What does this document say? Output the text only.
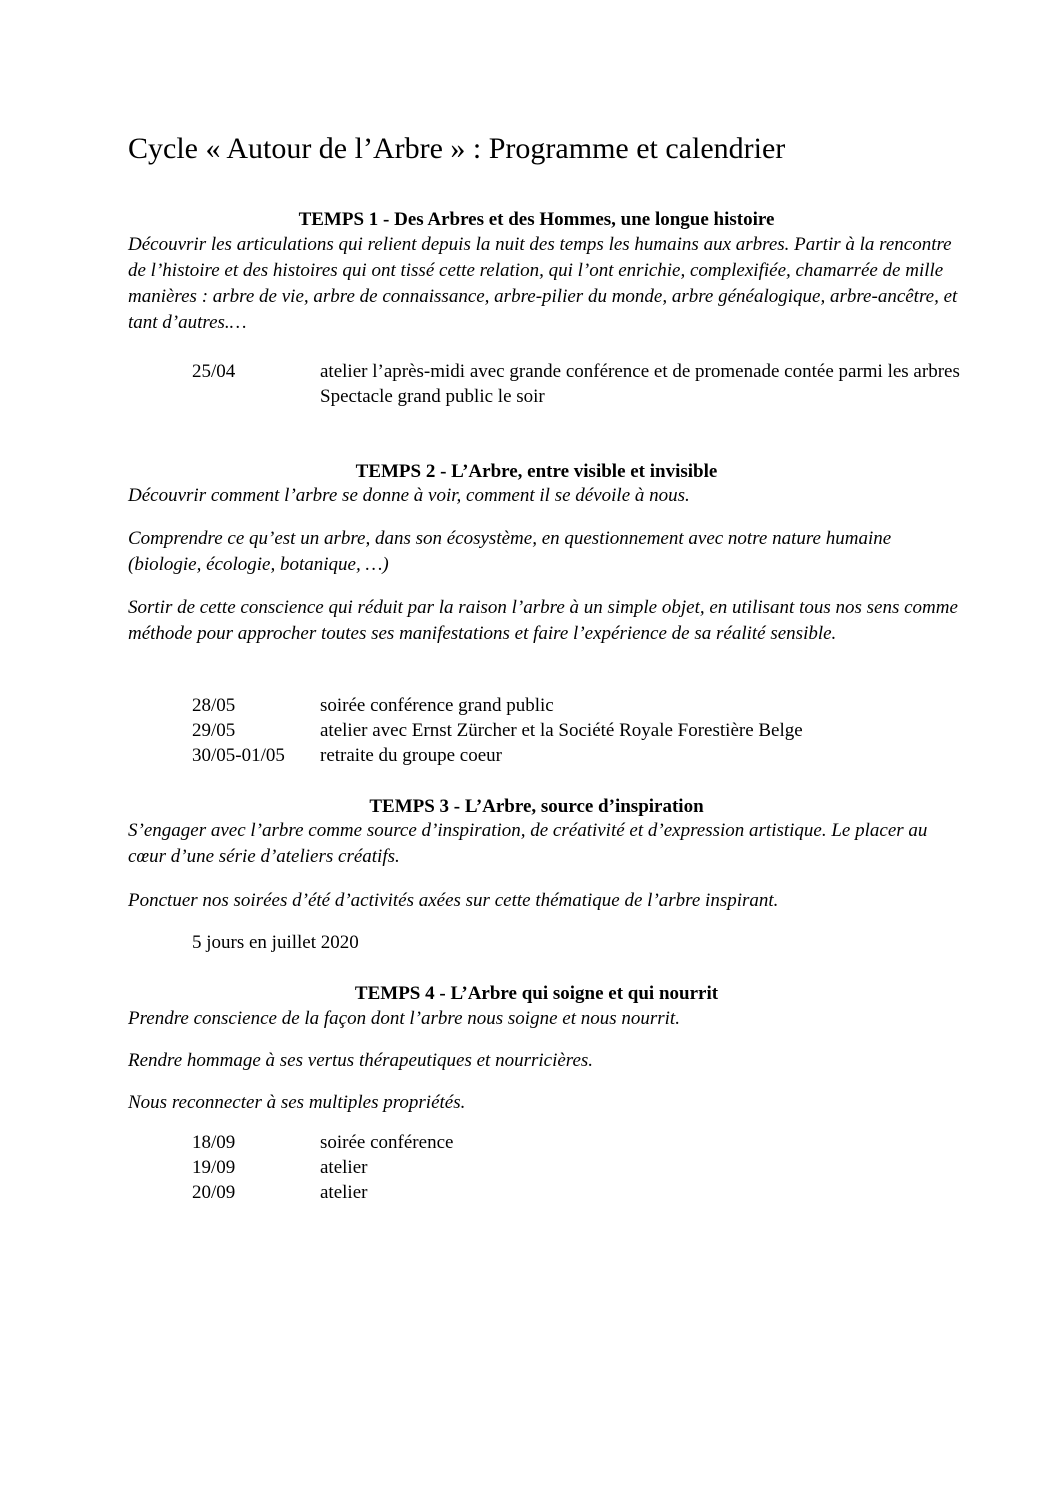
Cycle « Autour de l’Arbre » : Programme et calendrier
TEMPS 1 - Des Arbres et des Hommes, une longue histoire

Découvrir les articulations qui relient depuis la nuit des temps les humains aux arbres. Partir à la rencontre de l’histoire et des histoires qui ont tissé cette relation, qui l’ont enrichie, complexifiée, chamarrée de mille manières : arbre de vie, arbre de connaissance, arbre-pilier du monde, arbre généalogique, arbre-ancêtre, et tant d’autres.…

25/04	atelier l’après-midi avec grande conférence et de promenade contée parmi les arbres
Spectacle grand public le soir
TEMPS 2 - L’Arbre, entre visible et invisible

Découvrir comment l’arbre se donne à voir, comment il se dévoile à nous.

Comprendre ce qu’est un arbre, dans son écosystème, en questionnement avec notre nature humaine (biologie, écologie, botanique, …)

Sortir de cette conscience qui réduit par la raison l’arbre à un simple objet, en utilisant tous nos sens comme méthode pour approcher toutes ses manifestations et faire l’expérience de sa réalité sensible.

28/05	soirée conférence grand public
29/05	atelier avec Ernst Zürcher et la Société Royale Forestière Belge
30/05-01/05	retraite du groupe coeur
TEMPS 3 - L’Arbre, source d’inspiration

S’engager avec l’arbre comme source d’inspiration, de créativité et d’expression artistique. Le placer au cœur d’une série d’ateliers créatifs.

Ponctuer nos soirées d’été d’activités axées sur cette thématique de l’arbre inspirant.

5 jours en juillet 2020
TEMPS 4 - L’Arbre qui soigne et qui nourrit

Prendre conscience de la façon dont l’arbre nous soigne et nous nourrit.

Rendre hommage à ses vertus thérapeutiques et nourricières.

Nous reconnecter à ses multiples propriétés.

18/09	soirée conférence
19/09	atelier
20/09	atelier
